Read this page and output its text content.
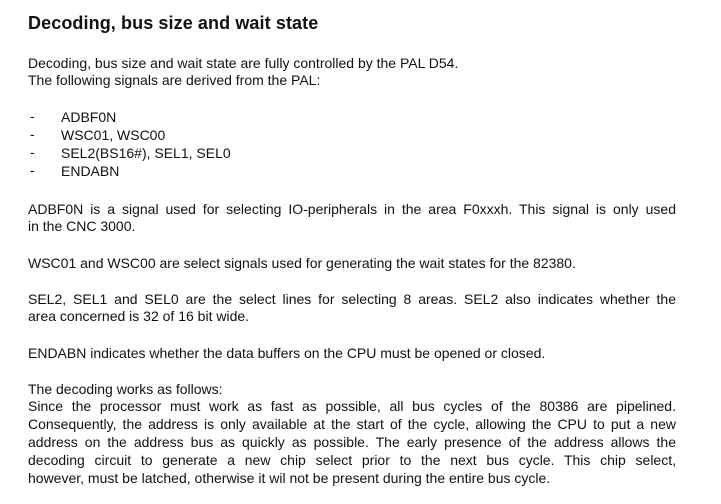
Decoding, bus size and wait state
Decoding, bus size and wait state are fully controlled by the PAL D54.
The following signals are derived from the PAL:
- ADBF0N
- WSC01, WSC00
- SEL2(BS16#), SEL1, SEL0
- ENDABN
ADBF0N is a signal used for selecting IO-peripherals in the area F0xxxh. This signal is only used
in the CNC 3000.
WSC01 and WSC00 are select signals used for generating the wait states for the 82380.
SEL2, SEL1 and SEL0 are the select lines for selecting 8 areas. SEL2 also indicates whether the
area concerned is 32 of 16 bit wide.
ENDABN indicates whether the data buffers on the CPU must be opened or closed.
The decoding works as follows:
Since the processor must work as fast as possible, all bus cycles of the 80386 are pipelined.
Consequently, the address is only available at the start of the cycle, allowing the CPU to put a new
address on the address bus as quickly as possible. The early presence of the address allows the
decoding circuit to generate a new chip select prior to the next bus cycle. This chip select,
however, must be latched, otherwise it wil not be present during the entire bus cycle.
